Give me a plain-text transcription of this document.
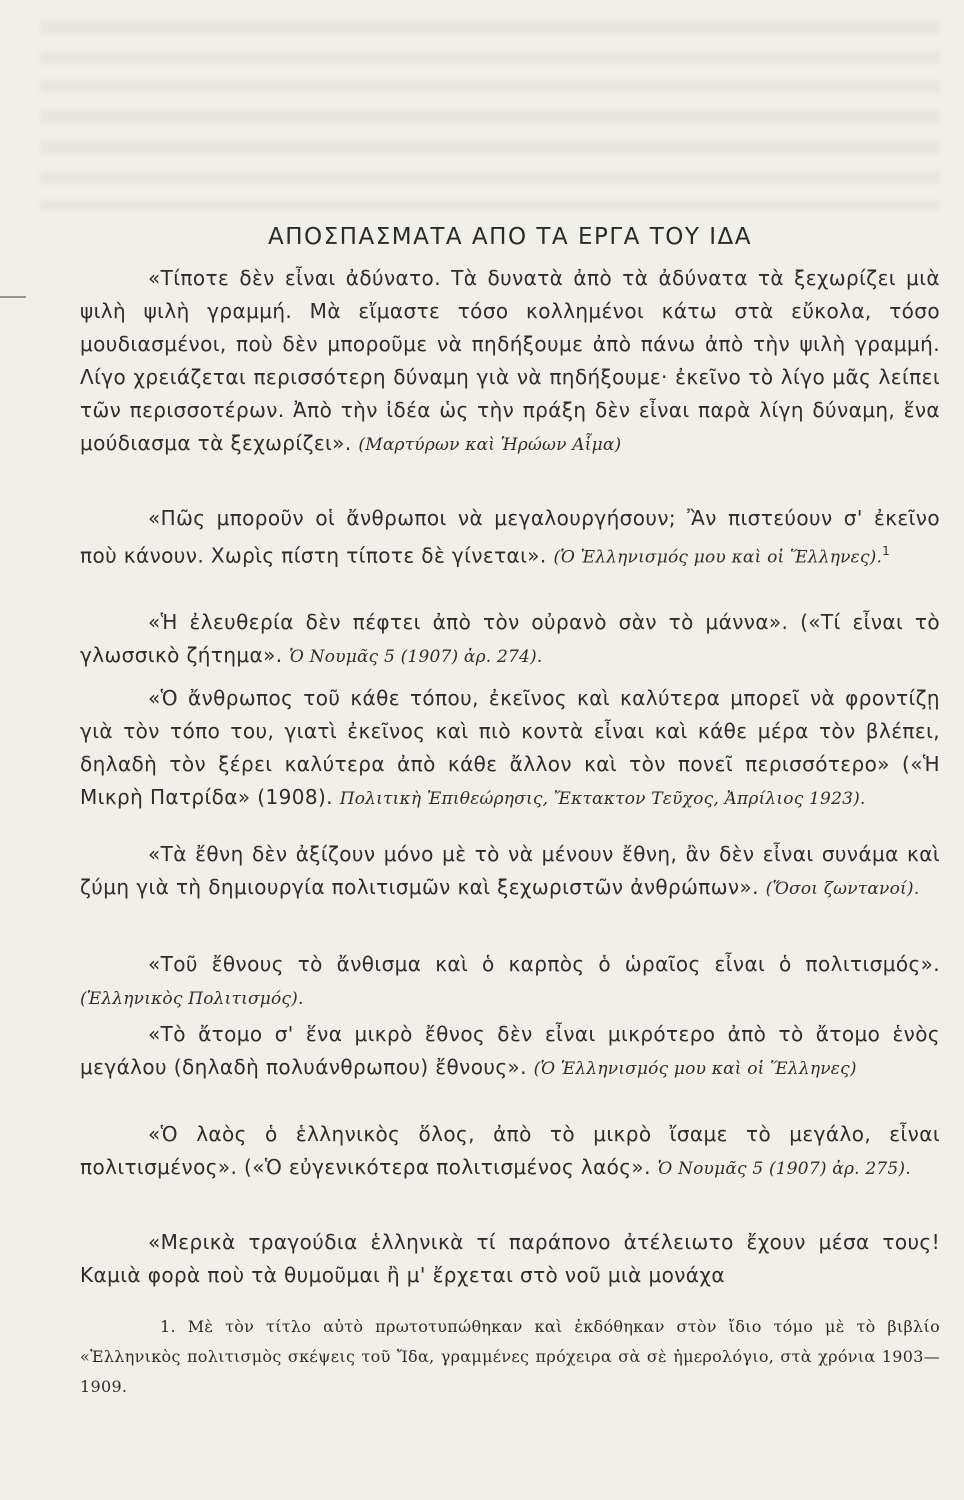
ΑΠΟΣΠΑΣΜΑΤΑ ΑΠΟ ΤΑ ΕΡΓΑ ΤΟΥ ΙΔΑ

«Τίποτε δὲν εἶναι ἀδύνατο. Τὰ δυνατὰ ἀπὸ τὰ ἀδύνατα τὰ ξεχωρίζει μιὰ ψιλὴ ψιλὴ γραμμή. Μὰ εἴμαστε τόσο κολλημένοι κάτω στὰ εὔκολα, τόσο μουδιασμένοι, ποὺ δὲν μποροῦμε νὰ πηδήξουμε ἀπὸ πάνω ἀπὸ τὴν ψιλὴ γραμμή. Λίγο χρειάζεται περισσότερη δύναμη γιὰ νὰ πηδήξουμε· ἐκεῖνο τὸ λίγο μᾶς λείπει τῶν περισσοτέρων. Ἀπὸ τὴν ἰδέα ὡς τὴν πράξη δὲν εἶναι παρὰ λίγη δύναμη, ἕνα μούδιασμα τὰ ξεχωρίζει». (Μαρτύρων καὶ Ἡρώων Αἷμα)

«Πῶς μποροῦν οἱ ἄνθρωποι νὰ μεγαλουργήσουν; Ἂν πιστεύουν σ' ἐκεῖνο ποὺ κάνουν. Χωρὶς πίστη τίποτε δὲ γίνεται». (Ὁ Ἑλληνισμός μου καὶ οἱ Ἕλληνες).$^1$

«Ἡ ἐλευθερία δὲν πέφτει ἀπὸ τὸν οὐρανὸ σὰν τὸ μάννα». («Τί εἶναι τὸ γλωσσικὸ ζήτημα». Ὁ Νουμᾶς 5 (1907) ἀρ. 274).

«Ὁ ἄνθρωπος τοῦ κάθε τόπου, ἐκεῖνος καὶ καλύτερα μπορεῖ νὰ φροντίζῃ γιὰ τὸν τόπο του, γιατὶ ἐκεῖνος καὶ πιὸ κοντὰ εἶναι καὶ κάθε μέρα τὸν βλέπει, δηλαδὴ τὸν ξέρει καλύτερα ἀπὸ κάθε ἄλλον καὶ τὸν πονεῖ περισσότερο» («Ἡ Μικρὴ Πατρίδα» (1908). Πολιτικὴ Ἐπιθεώρησις, Ἔκτακτον Τεῦχος, Ἀπρίλιος 1923).

«Τὰ ἔθνη δὲν ἀξίζουν μόνο μὲ τὸ νὰ μένουν ἔθνη, ἂν δὲν εἶναι συνάμα καὶ ζύμη γιὰ τὴ δημιουργία πολιτισμῶν καὶ ξεχωριστῶν ἀνθρώπων». (Ὅσοι ζωντανοί).

«Τοῦ ἔθνους τὸ ἄνθισμα καὶ ὁ καρπὸς ὁ ὡραῖος εἶναι ὁ πολιτισμός». (Ἑλληνικὸς Πολιτισμός).

«Τὸ ἄτομο σ' ἕνα μικρὸ ἔθνος δὲν εἶναι μικρότερο ἀπὸ τὸ ἄτομο ἑνὸς μεγάλου (δηλαδὴ πολυάνθρωπου) ἔθνους». (Ὁ Ἑλληνισμός μου καὶ οἱ Ἕλληνες)

«Ὁ λαὸς ὁ ἑλληνικὸς ὅλος, ἀπὸ τὸ μικρὸ ἴσαμε τὸ μεγάλο, εἶναι πολιτισμένος». («Ὁ εὐγενικότερα πολιτισμένος λαός». Ὁ Νουμᾶς 5 (1907) ἀρ. 275).

«Μερικὰ τραγούδια ἑλληνικὰ τί παράπονο ἀτέλειωτο ἔχουν μέσα τους! Καμιὰ φορὰ ποὺ τὰ θυμοῦμαι ἢ μ' ἔρχεται στὸ νοῦ μιὰ μονάχα

1. Μὲ τὸν τίτλο αὐτὸ πρωτοτυπώθηκαν καὶ ἐκδόθηκαν στὸν ἴδιο τόμο μὲ τὸ βιβλίο «Ἑλληνικὸς πολιτισμὸς σκέψεις τοῦ Ἴδα, γραμμένες πρόχειρα σὰ σὲ ἡμερολόγιο, στὰ χρόνια 1903—1909.
